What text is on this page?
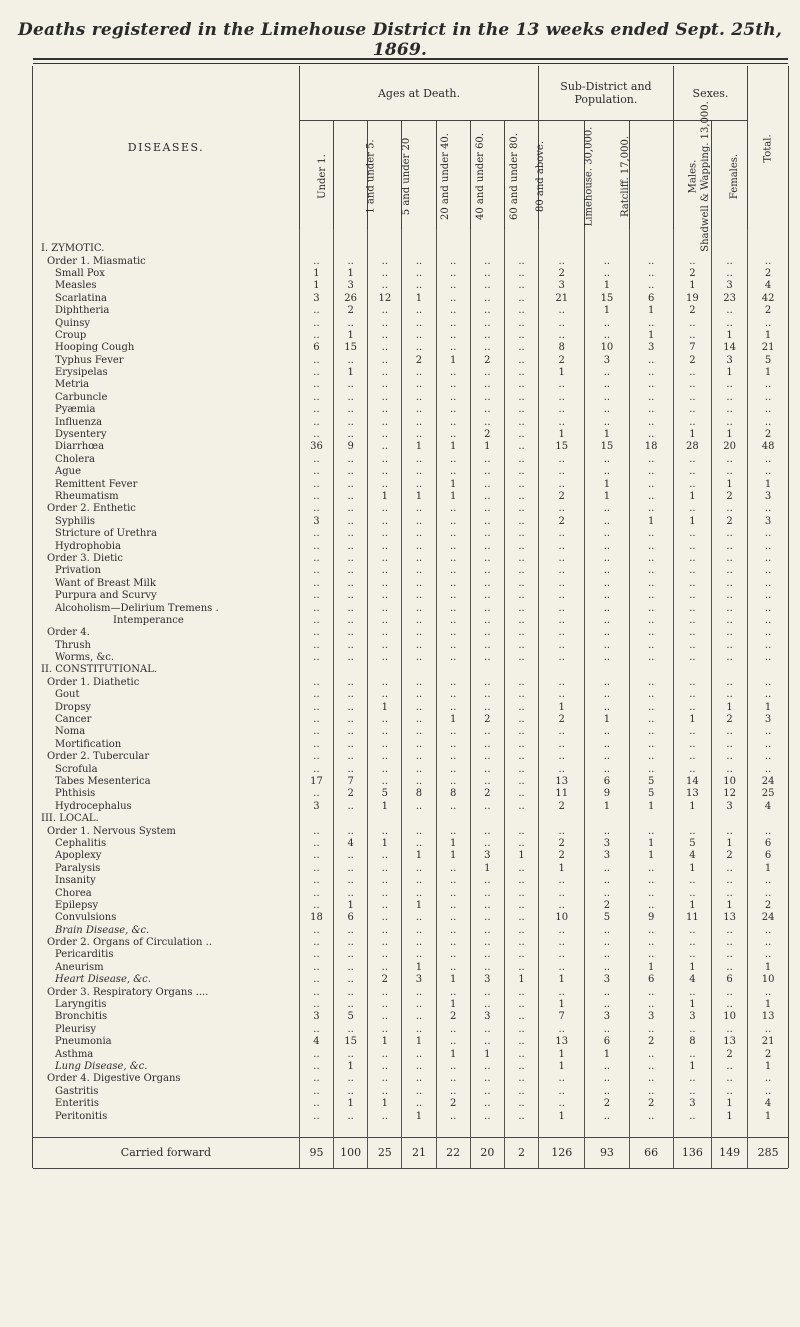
Deaths registered in the Limehouse District in the 13 weeks ended Sept. 25th, 1869.
DISEASES.	Ages at Death.							Sub-District and Population.			Sexes.		Total.
	Under 1.	1 and under 5.	5 and under 20	20 and under 40.	40 and under 60.	60 and under 80.	80 and above.	Limehouse. 30,000.	Ratcliff. 17,000.	Shadwell & Wapping. 13,000.	Males.	Females.	

I. ZYMOTIC.													
Order 1. Miasmatic	..	..	..	..	..	..	..	..	..	..	..	..	..
Small Pox	1	1	..	..	..	..	..	2	..	..	2	..	2
Measles	1	3	..	..	..	..	..	3	1	..	1	3	4
Scarlatina	3	26	12	1	..	..	..	21	15	6	19	23	42
Diphtheria	..	2	..	..	..	..	..	..	1	1	2	..	2
Quinsy	..	..	..	..	..	..	..	..	..	..	..	..	..
Croup	..	1	..	..	..	..	..	..	..	1	..	1	1
Hooping Cough	6	15	..	..	..	..	..	8	10	3	7	14	21
Typhus Fever	..	..	..	2	1	2	..	2	3	..	2	3	5
Erysipelas	..	1	..	..	..	..	..	1	..	..	..	1	1
Metria	..	..	..	..	..	..	..	..	..	..	..	..	..
Carbuncle	..	..	..	..	..	..	..	..	..	..	..	..	..
Pyæmia	..	..	..	..	..	..	..	..	..	..	..	..	..
Influenza	..	..	..	..	..	..	..	..	..	..	..	..	..
Dysentery	..	..	..	..	..	2	..	1	1	..	1	1	2
Diarrhœa	36	9	..	1	1	1	..	15	15	18	28	20	48
Cholera	..	..	..	..	..	..	..	..	..	..	..	..	..
Ague	..	..	..	..	..	..	..	..	..	..	..	..	..
Remittent Fever	..	..	..	..	1	..	..	..	1	..	..	1	1
Rheumatism	..	..	1	1	1	..	..	2	1	..	1	2	3
Order 2. Enthetic	..	..	..	..	..	..	..	..	..	..	..	..	..
Syphilis	3	..	..	..	..	..	..	2	..	1	1	2	3
Stricture of Urethra	..	..	..	..	..	..	..	..	..	..	..	..	..
Hydrophobia	..	..	..	..	..	..	..	..	..	..	..	..	..
Order 3. Dietic	..	..	..	..	..	..	..	..	..	..	..	..	..
Privation	..	..	..	..	..	..	..	..	..	..	..	..	..
Want of Breast Milk	..	..	..	..	..	..	..	..	..	..	..	..	..
Purpura and Scurvy	..	..	..	..	..	..	..	..	..	..	..	..	..
Alcoholism—Delirium Tremens .	..	..	..	..	..	..	..	..	..	..	..	..	..
Intemperance	..	..	..	..	..	..	..	..	..	..	..	..	..
Order 4.	..	..	..	..	..	..	..	..	..	..	..	..	..
Thrush	..	..	..	..	..	..	..	..	..	..	..	..	..
Worms, &c.	..	..	..	..	..	..	..	..	..	..	..	..	..
II. CONSTITUTIONAL.													
Order 1. Diathetic	..	..	..	..	..	..	..	..	..	..	..	..	..
Gout	..	..	..	..	..	..	..	..	..	..	..	..	..
Dropsy	..	..	1	..	..	..	..	1	..	..	..	1	1
Cancer	..	..	..	..	1	2	..	2	1	..	1	2	3
Noma	..	..	..	..	..	..	..	..	..	..	..	..	..
Mortification	..	..	..	..	..	..	..	..	..	..	..	..	..
Order 2. Tubercular	..	..	..	..	..	..	..	..	..	..	..	..	..
Scrofula	..	..	..	..	..	..	..	..	..	..	..	..	..
Tabes Mesenterica	17	7	..	..	..	..	..	13	6	5	14	10	24
Phthisis	..	2	5	8	8	2	..	11	9	5	13	12	25
Hydrocephalus	3	..	1	..	..	..	..	2	1	1	1	3	4
III. LOCAL.													
Order 1. Nervous System	..	..	..	..	..	..	..	..	..	..	..	..	..
Cephalitis	..	4	1	..	1	..	..	2	3	1	5	1	6
Apoplexy	..	..	..	1	1	3	1	2	3	1	4	2	6
Paralysis	..	..	..	..	..	1	..	1	..	..	1	..	1
Insanity	..	..	..	..	..	..	..	..	..	..	..	..	..
Chorea	..	..	..	..	..	..	..	..	..	..	..	..	..
Epilepsy	..	1	..	1	..	..	..	..	2	..	1	1	2
Convulsions	18	6	..	..	..	..	..	10	5	9	11	13	24
Brain Disease, &c.	..	..	..	..	..	..	..	..	..	..	..	..	..
Order 2. Organs of Circulation ..	..	..	..	..	..	..	..	..	..	..	..	..	..
Pericarditis	..	..	..	..	..	..	..	..	..	..	..	..	..
Aneurism	..	..	..	1	..	..	..	..	..	1	1	..	1
Heart Disease, &c.	..	..	2	3	1	3	1	1	3	6	4	6	10
Order 3. Respiratory Organs ....	..	..	..	..	..	..	..	..	..	..	..	..	..
Laryngitis	..	..	..	..	1	..	..	1	..	..	1	..	1
Bronchitis	3	5	..	..	2	3	..	7	3	3	3	10	13
Pleurisy	..	..	..	..	..	..	..	..	..	..	..	..	..
Pneumonia	4	15	1	1	..	..	..	13	6	2	8	13	21
Asthma	..	..	..	..	1	1	..	1	1	..	..	2	2
Lung Disease, &c.	..	1	..	..	..	..	..	1	..	..	1	..	1
Order 4. Digestive Organs	..	..	..	..	..	..	..	..	..	..	..	..	..
Gastritis	..	..	..	..	..	..	..	..	..	..	..	..	..
Enteritis	..	1	1	..	2	..	..	..	2	2	3	1	4
Peritonitis	..	..	..	1	..	..	..	1	..	..	..	1	1

Carried forward	95	100	25	21	22	20	2	126	93	66	136	149	285
